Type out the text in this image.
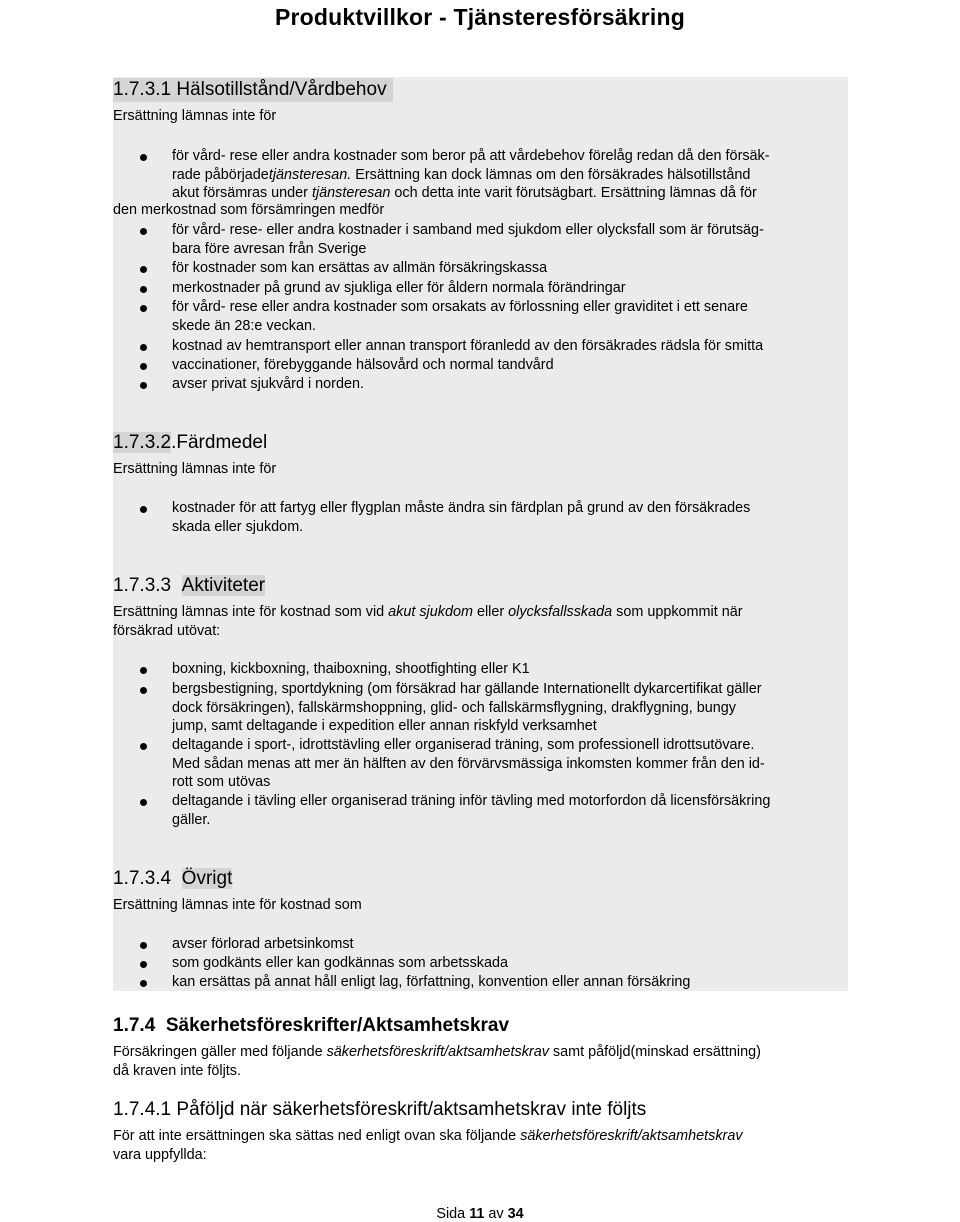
Produktvillkor - Tjänsteresförsäkring
1.7.3.1 Hälsotillstånd/Vårdbehov
Ersättning lämnas inte för
för vård- rese eller andra kostnader som beror på att vårdebehov förelåg redan då den försäk-
rade påbörjadetjänsteresan. Ersättning kan dock lämnas om den försäkrades hälsotillstånd
akut försämras under tjänsteresan och detta inte varit förutsägbart. Ersättning lämnas då för
den merkostnad som försämringen medför
för vård- rese- eller andra kostnader i samband med sjukdom eller olycksfall som är förutsäg-
bara före avresan från Sverige
för kostnader som kan ersättas av allmän försäkringskassa
merkostnader på grund av sjukliga eller för åldern normala förändringar
för vård- rese eller andra kostnader som orsakats av förlossning eller graviditet i ett senare
skede än 28:e veckan.
kostnad av hemtransport eller annan transport föranledd av den försäkrades rädsla för smitta
vaccinationer, förebyggande hälsovård och normal tandvård
avser privat sjukvård i norden.
1.7.3.2.Färdmedel
Ersättning lämnas inte för
kostnader för att fartyg eller flygplan måste ändra sin färdplan på grund av den försäkrades
skada eller sjukdom.
1.7.3.3 Aktiviteter
Ersättning lämnas inte för kostnad som vid akut sjukdom eller olycksfallsskada som uppkommit när
försäkrad utövat:
boxning, kickboxning, thaiboxning, shootfighting eller K1
bergsbestigning, sportdykning (om försäkrad har gällande Internationellt dykarcertifikat gäller
dock försäkringen), fallskärmshoppning, glid- och fallskärmsflygning, drakflygning, bungy
jump, samt deltagande i expedition eller annan riskfyld verksamhet
deltagande i sport-, idrottstävling eller organiserad träning, som professionell idrottsutövare.
Med sådan menas att mer än hälften av den förvärvsmässiga inkomsten kommer från den id-
rott som utövas
deltagande i tävling eller organiserad träning inför tävling med motorfordon då licensförsäkring
gäller.
1.7.3.4 Övrigt
Ersättning lämnas inte för kostnad som
avser förlorad arbetsinkomst
som godkänts eller kan godkännas som arbetsskada
kan ersättas på annat håll enligt lag, författning, konvention eller annan försäkring
1.7.4 Säkerhetsföreskrifter/Aktsamhetskrav
Försäkringen gäller med följande säkerhetsföreskrift/aktsamhetskrav samt påföljd(minskad ersättning)
då kraven inte följts.
1.7.4.1 Påföljd när säkerhetsföreskrift/aktsamhetskrav inte följts
För att inte ersättningen ska sättas ned enligt ovan ska följande säkerhetsföreskrift/aktsamhetskrav
vara uppfyllda:
Sida 11 av 34
